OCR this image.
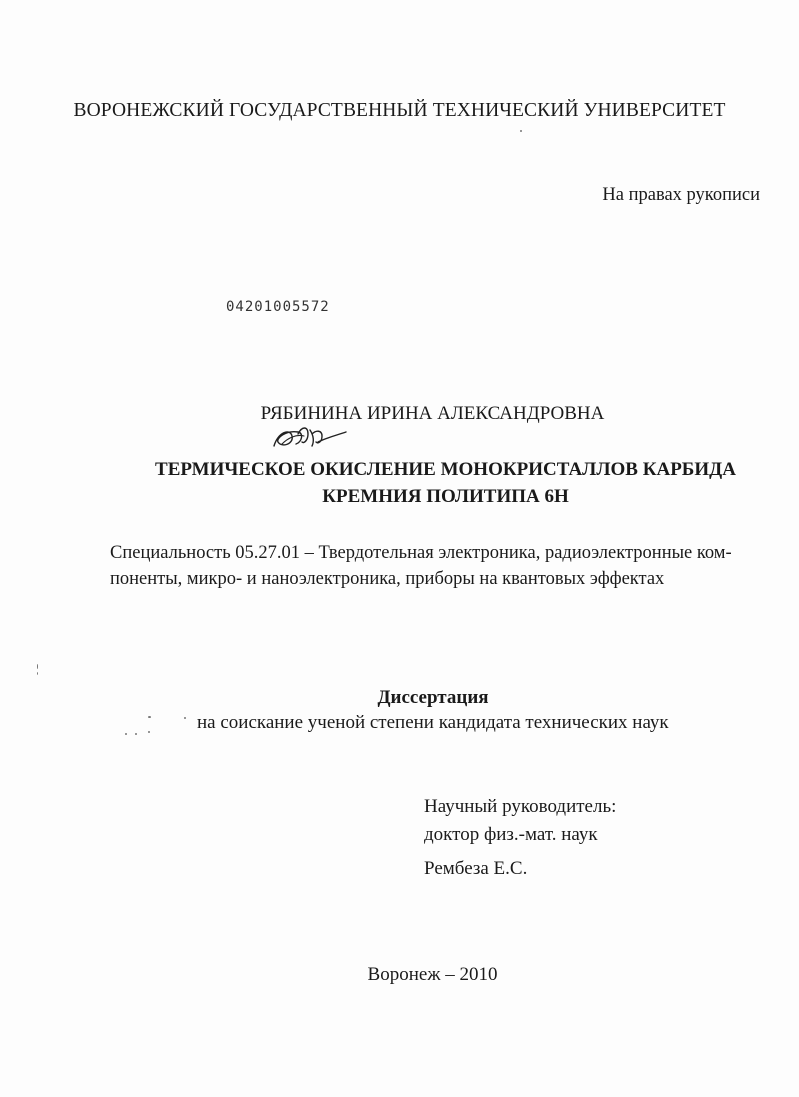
ВОРОНЕЖСКИЙ ГОСУДАРСТВЕННЫЙ ТЕХНИЧЕСКИЙ УНИВЕРСИТЕТ
На правах рукописи
04201005572
РЯБИНИНА ИРИНА АЛЕКСАНДРОВНА
ТЕРМИЧЕСКОЕ ОКИСЛЕНИЕ МОНОКРИСТАЛЛОВ КАРБИДА
КРЕМНИЯ ПОЛИТИПА 6H
Специальность 05.27.01 – Твердотельная электроника, радиоэлектронные ком-
поненты, микро- и наноэлектроника, приборы на квантовых эффектах
Диссертация
на соискание ученой степени кандидата технических наук
Научный руководитель:
доктор физ.-мат. наук
Рембеза Е.С.
Воронеж – 2010
